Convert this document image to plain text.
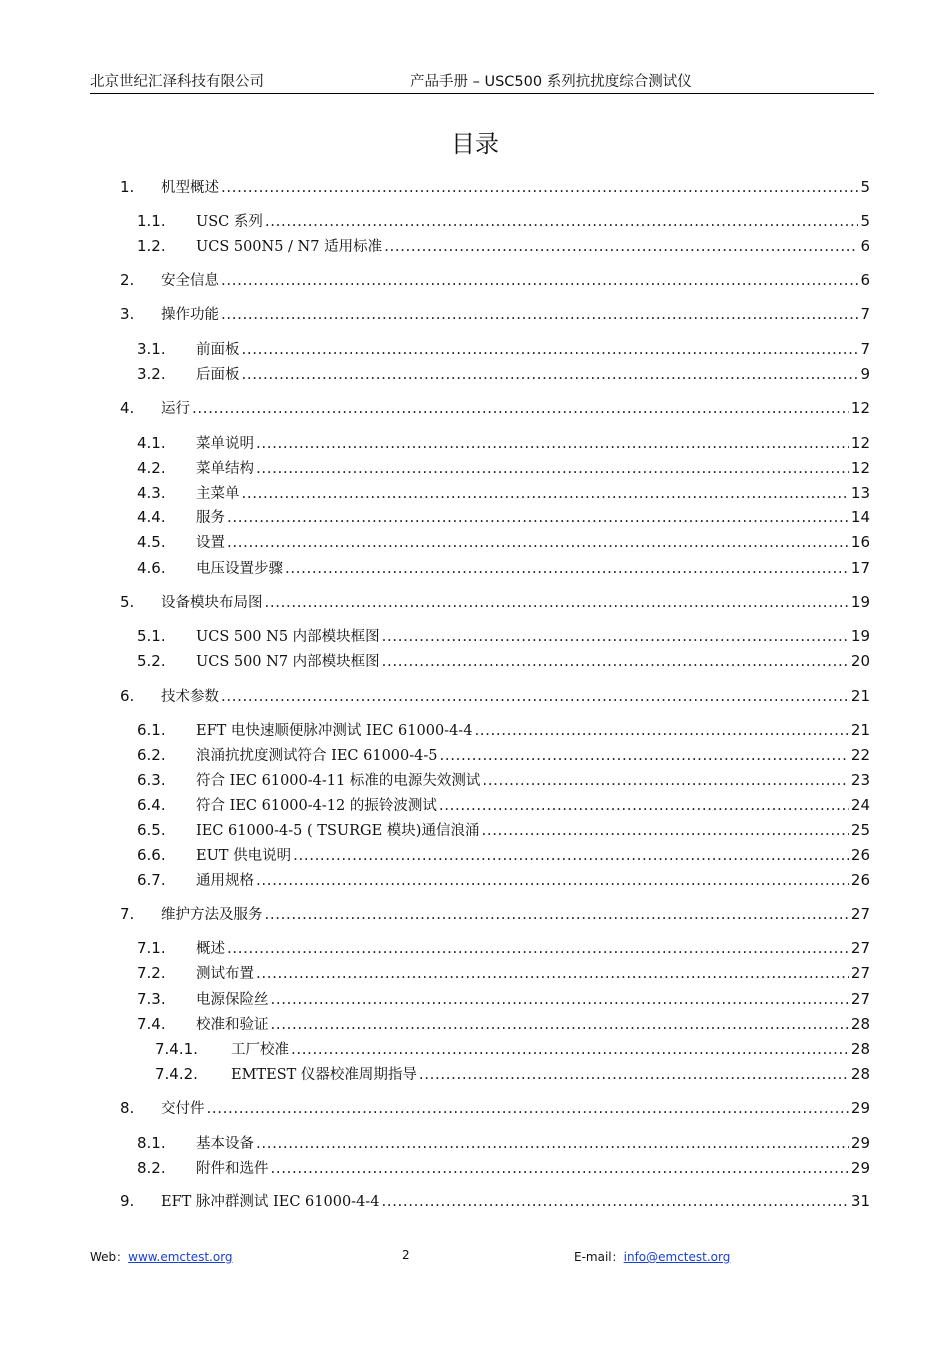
北京世纪汇泽科技有限公司	产品手册 – USC500 系列抗扰度综合测试仪
目录
1.	机型概述 .....	5
1.1.	USC 系列 .....	5
1.2.	UCS 500N5 / N7 适用标准 .....	6
2.	安全信息 .....	6
3.	操作功能 .....	7
3.1.	前面板 .....	7
3.2.	后面板 .....	9
4.	运行 .....	12
4.1.	菜单说明 .....	12
4.2.	菜单结构 .....	12
4.3.	主菜单 .....	13
4.4.	服务 .....	14
4.5.	设置 .....	16
4.6.	电压设置步骤 .....	17
5.	设备模块布局图 .....	19
5.1.	UCS 500 N5 内部模块框图 .....	19
5.2.	UCS 500 N7 内部模块框图 .....	20
6.	技术参数 .....	21
6.1.	EFT 电快速顺便脉冲测试 IEC 61000-4-4 .....	21
6.2.	浪涌抗扰度测试符合 IEC 61000-4-5 .....	22
6.3.	符合 IEC 61000-4-11 标准的电源失效测试 .....	23
6.4.	符合 IEC 61000-4-12 的振铃波测试 .....	24
6.5.	IEC 61000-4-5 ( TSURGE 模块)通信浪涌 .....	25
6.6.	EUT 供电说明 .....	26
6.7.	通用规格 .....	26
7.	维护方法及服务 .....	27
7.1.	概述 .....	27
7.2.	测试布置 .....	27
7.3.	电源保险丝 .....	27
7.4.	校准和验证 .....	28
7.4.1.	工厂校准 .....	28
7.4.2.	EMTEST 仪器校准周期指导 .....	28
8.	交付件 .....	29
8.1.	基本设备 .....	29
8.2.	附件和选件 .....	29
9.	EFT 脉冲群测试 IEC 61000-4-4 .....	31
Web：www.emctest.org	2	E-mail：info@emctest.org
